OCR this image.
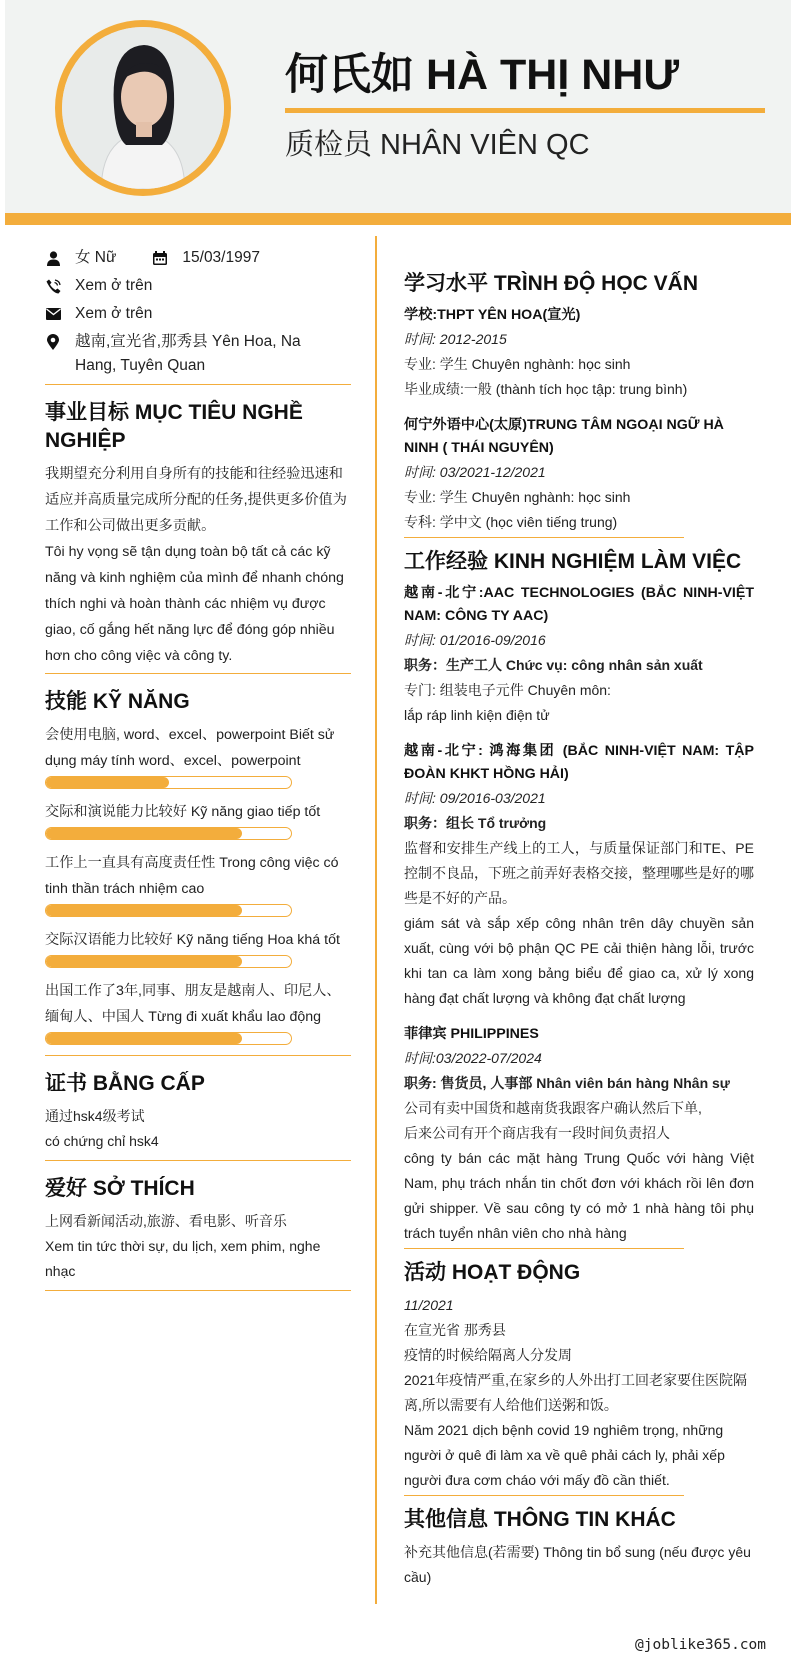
何氏如 HÀ THỊ NHƯ
质检员 NHÂN VIÊN QC
女 Nữ	15/03/1997
Xem ở trên
Xem ở trên
越南,宣光省,那秀县 Yên Hoa, Na Hang, Tuyên Quan
事业目标 MỤC TIÊU NGHỀ NGHIỆP
我期望充分利用自身所有的技能和往经验迅速和适应并高质量完成所分配的任务,提供更多价值为工作和公司做出更多贡献。
Tôi hy vọng sẽ tận dụng toàn bộ tất cả các kỹ năng và kinh nghiệm của mình để nhanh chóng thích nghi và hoàn thành các nhiệm vụ được giao, cố gắng hết năng lực để đóng góp nhiều hơn cho công việc và công ty.
技能 KỸ NĂNG
会使用电脑, word、excel、powerpoint Biết sử dụng máy tính word、excel、powerpoint
交际和演说能力比较好 Kỹ năng giao tiếp tốt
工作上一直具有高度责任性 Trong công việc có tinh thần trách nhiệm cao
交际汉语能力比较好 Kỹ năng tiếng Hoa khá tốt
出国工作了3年,同事、朋友是越南人、印尼人、缅甸人、中国人 Từng đi xuất khẩu lao động
证书 BẰNG CẤP
通过hsk4级考试
có chứng chỉ hsk4
爱好 SỞ THÍCH
上网看新闻活动,旅游、看电影、听音乐
Xem tin tức thời sự, du lịch, xem phim, nghe nhạc
学习水平 TRÌNH ĐỘ HỌC VẤN
学校:THPT YÊN HOA(宣光)
时间: 2012-2015
专业: 学生 Chuyên nghành: học sinh
毕业成绩:一般 (thành tích học tập: trung bình)
何宁外语中心(太原)TRUNG TÂM NGOẠI NGỮ HÀ NINH ( THÁI NGUYÊN)
时间: 03/2021-12/2021
专业: 学生 Chuyên nghành: học sinh
专科: 学中文 (học viên tiếng trung)
工作经验 KINH NGHIỆM LÀM VIỆC
越南-北宁:AAC TECHNOLOGIES (BẮC NINH-VIỆT NAM: CÔNG TY AAC)
时间: 01/2016-09/2016
职务：生产工人 Chức vụ: công nhân sản xuất
专门: 组装电子元件 Chuyên môn:
lắp ráp linh kiện điện tử
越南-北宁: 鸿海集团 (BẮC NINH-VIỆT NAM: TẬP ĐOÀN KHKT HỒNG HẢI)
时间: 09/2016-03/2021
职务：组长 Tổ trưởng
监督和安排生产线上的工人，与质量保证部门和TE、PE控制不良品，下班之前弄好表格交接，整理哪些是好的哪些是不好的产品。
giám sát và sắp xếp công nhân trên dây chuyền sản xuất, cùng với bộ phận QC PE cải thiện hàng lỗi, trước khi tan ca làm xong bảng biểu để giao ca, xử lý xong hàng đạt chất lượng và không đạt chất lượng
菲律宾 PHILIPPINES
时间:03/2022-07/2024
职务: 售货员, 人事部 Nhân viên bán hàng Nhân sự
公司有卖中国货和越南货我跟客户确认然后下单,
后来公司有开个商店我有一段时间负责招人
công ty bán các mặt hàng Trung Quốc với hàng Việt Nam, phụ trách nhắn tin chốt đơn với khách rồi lên đơn gửi shipper. Về sau công ty có mở 1 nhà hàng tôi phụ trách tuyển nhân viên cho nhà hàng
活动 HOẠT ĐỘNG
11/2021
在宣光省 那秀县
疫情的时候给隔离人分发周
2021年疫情严重,在家乡的人外出打工回老家要住医院隔离,所以需要有人给他们送粥和饭。
Năm 2021 dịch bệnh covid 19 nghiêm trọng, những người ở quê đi làm xa về quê phải cách ly, phải xếp người đưa cơm cháo với mấy đồ cần thiết.
其他信息 THÔNG TIN KHÁC
补充其他信息(若需要) Thông tin bổ sung (nếu được yêu cầu)
@joblike365.com
